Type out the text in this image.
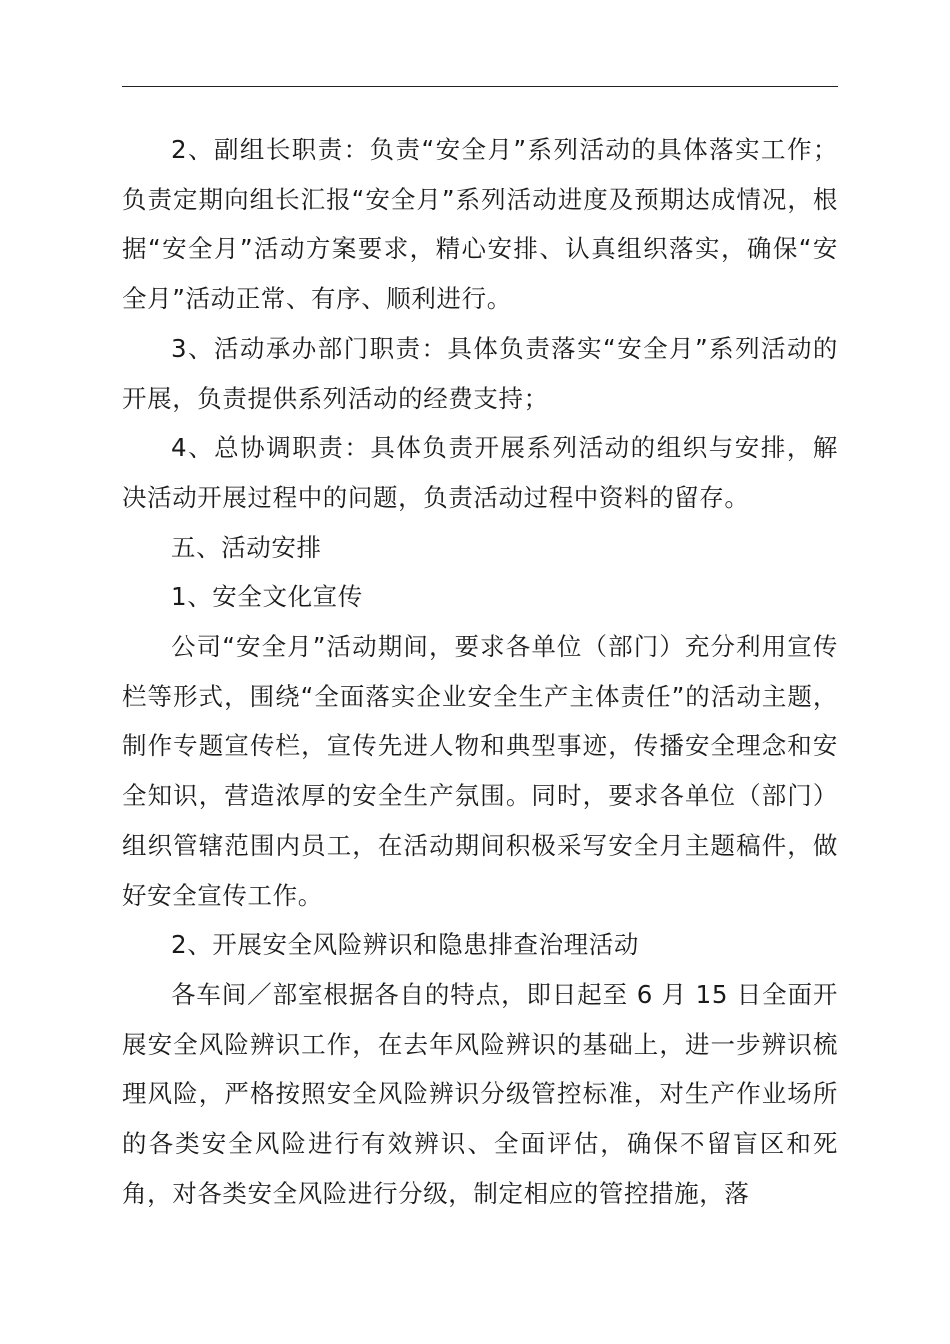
2、副组长职责：负责“安全月”系列活动的具体落实工作；负责定期向组长汇报“安全月”系列活动进度及预期达成情况，根据“安全月”活动方案要求，精心安排、认真组织落实，确保“安全月”活动正常、有序、顺利进行。

3、活动承办部门职责：具体负责落实“安全月”系列活动的开展，负责提供系列活动的经费支持；

4、总协调职责：具体负责开展系列活动的组织与安排，解决活动开展过程中的问题，负责活动过程中资料的留存。

五、活动安排

1、安全文化宣传

公司“安全月”活动期间，要求各单位（部门）充分利用宣传栏等形式，围绕“全面落实企业安全生产主体责任”的活动主题，制作专题宣传栏，宣传先进人物和典型事迹，传播安全理念和安全知识，营造浓厚的安全生产氛围。同时，要求各单位（部门）组织管辖范围内员工，在活动期间积极采写安全月主题稿件，做好安全宣传工作。

2、开展安全风险辨识和隐患排查治理活动

各车间／部室根据各自的特点，即日起至 6 月 15 日全面开展安全风险辨识工作，在去年风险辨识的基础上，进一步辨识梳理风险，严格按照安全风险辨识分级管控标准，对生产作业场所的各类安全风险进行有效辨识、全面评估，确保不留盲区和死角，对各类安全风险进行分级，制定相应的管控措施，落
